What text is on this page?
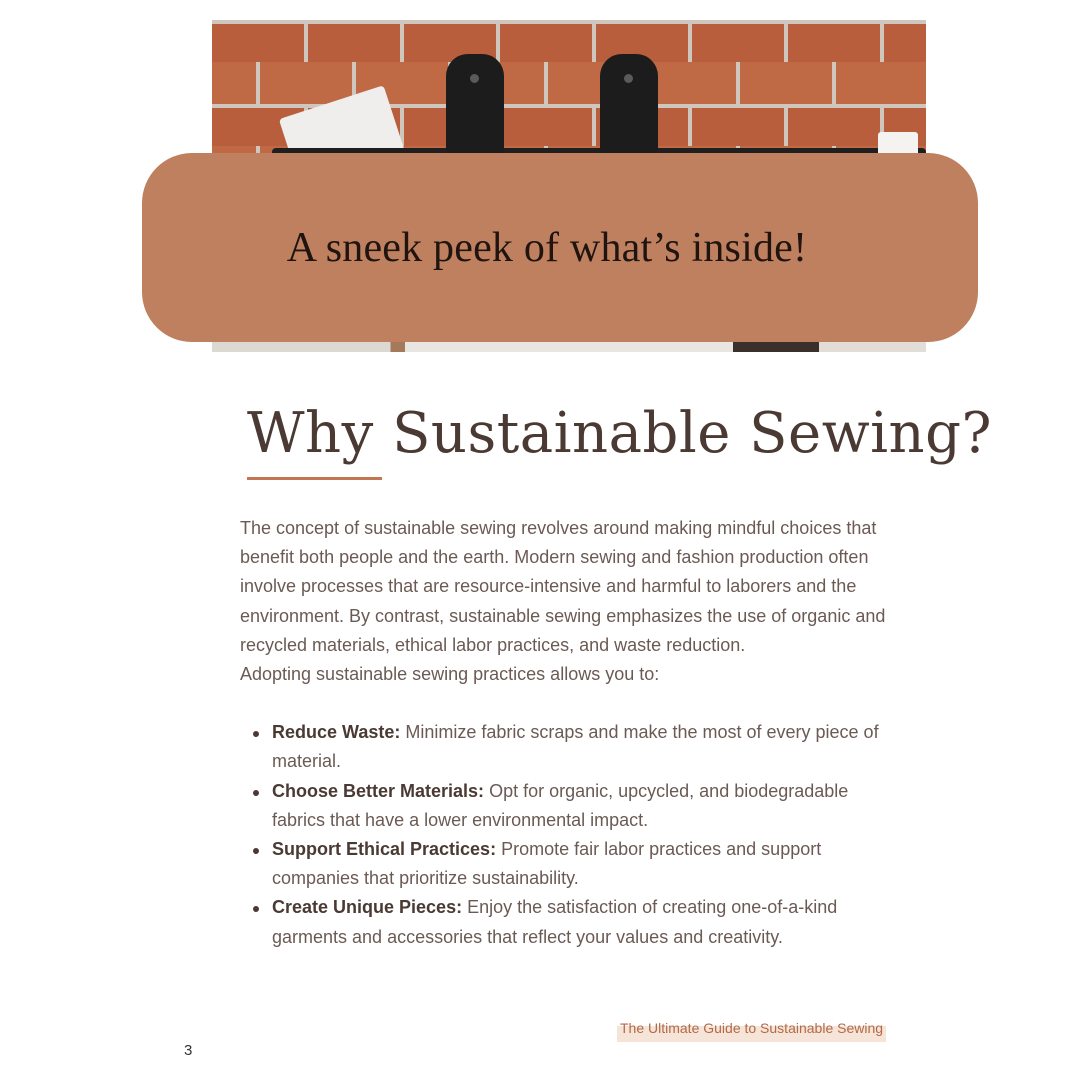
A sneek peek of what’s inside!
Why Sustainable Sewing?

The concept of sustainable sewing revolves around making mindful choices that benefit both people and the earth. Modern sewing and fashion production often involve processes that are resource-intensive and harmful to laborers and the environment. By contrast, sustainable sewing emphasizes the use of organic and recycled materials, ethical labor practices, and waste reduction.

Adopting sustainable sewing practices allows you to:

Reduce Waste: Minimize fabric scraps and make the most of every piece of material.
Choose Better Materials: Opt for organic, upcycled, and biodegradable fabrics that have a lower environmental impact.
Support Ethical Practices: Promote fair labor practices and support companies that prioritize sustainability.
Create Unique Pieces: Enjoy the satisfaction of creating one-of-a-kind garments and accessories that reflect your values and creativity.
The Ultimate Guide to Sustainable Sewing
3
